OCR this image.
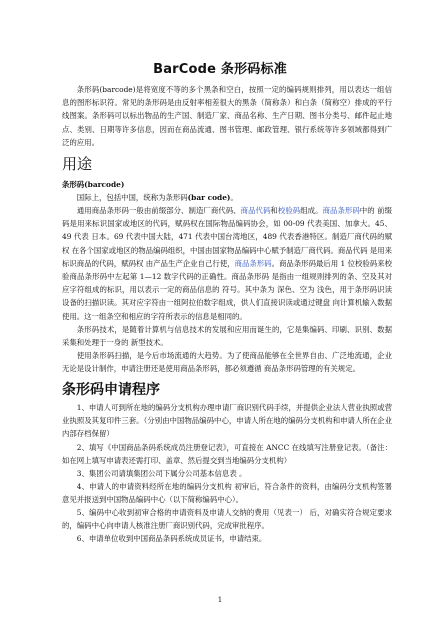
BarCode 条形码标准

条形码(barcode)是将宽度不等的多个黑条和空白，按照一定的编码规则排列，用以表达一组信息的图形标识符。常见的条形码是由反射率相差很大的黑条（简称条）和白条（简称空）排成的平行线图案。条形码可以标出物品的生产国、制造厂家、商品名称、生产日期、图书分类号、邮件起止地点、类别、日期等许多信息，因而在商品流通、图书管理、邮政管理、银行系统等许多领域都得到广泛的应用。

用途
条形码(barcode)

国际上，包括中国，统称为条形码(bar code)。

通用商品条形码一般由前缀部分、制造厂商代码、商品代码和校验码组成。商品条形码中的 前缀码是用来标识国家或地区的代码，赋码权在国际物品编码协会，如 00-09 代表美国、加拿大。45、49 代表 日本。69 代表中国大陆，471 代表中国台湾地区，489 代表香港特区。制造厂商代码的赋权 在各个国家或地区的物品编码组织，中国由国家物品编码中心赋予制造厂商代码。商品代码 是用来标识商品的代码，赋码权 由产品生产企业自己行使，商品条形码。商品条形码最后用 1 位校验码来校验商品条形码中左起第 1—12 数字代码的正确性。商品条形码 是指由一组规则排列的条、空及其对应字符组成的标识，用以表示一定的商品信息的 符号。其中条为 深色、空为 浅色，用于条形码识读 设备的扫描识读。其对应字符由一组阿拉伯数字组成，供人们直接识读或通过键盘 向计算机输入数据使用。这一组条空和相应的字符所表示的信息是相同的。

条形码技术，是随着计算机与信息技术的发展和应用而诞生的，它是集编码、印刷、识别、数据采集和处理于一身的 新型技术。

使用条形码扫描，是今后市场流通的大趋势。为了使商品能够在全世界自由、广泛地流通，企业无论是设计制作，申请注册还是使用商品条形码，都必须遵循 商品条形码管理的有关规定。

条形码申请程序

1、申请人可到所在地的编码分支机构办理申请厂商识别代码手续，并提供企业法人营业执照或营业执照及其复印件三套。（分别由中国物品编码中心，申请人所在地的编码分支机构和申请人所在企业内部存档保留）

2、填写《中国商品条码系统成员注册登记表》，可直接在 ANCC 在线填写注册登记表。（备注：如在网上填写申请表还需打印、盖章、然后提交到当地编码分支机构）

3、集团公司请填集团公司下属分公司基本信息表 。

4、申请人的申请资料经所在地的编码分支机构 初审后，符合条件的资料，由编码分支机构签署意见并报送到中国物品编码中心（以下简称编码中心）。

5、编码中心收到初审合格的申请资料及申请人交纳的费用（见表一） 后，对确实符合规定要求的，编码中心向申请人核准注册厂商识别代码，完成审批程序。

6、申请单位收到中国商品条码系统成员证书，申请结束。

1
